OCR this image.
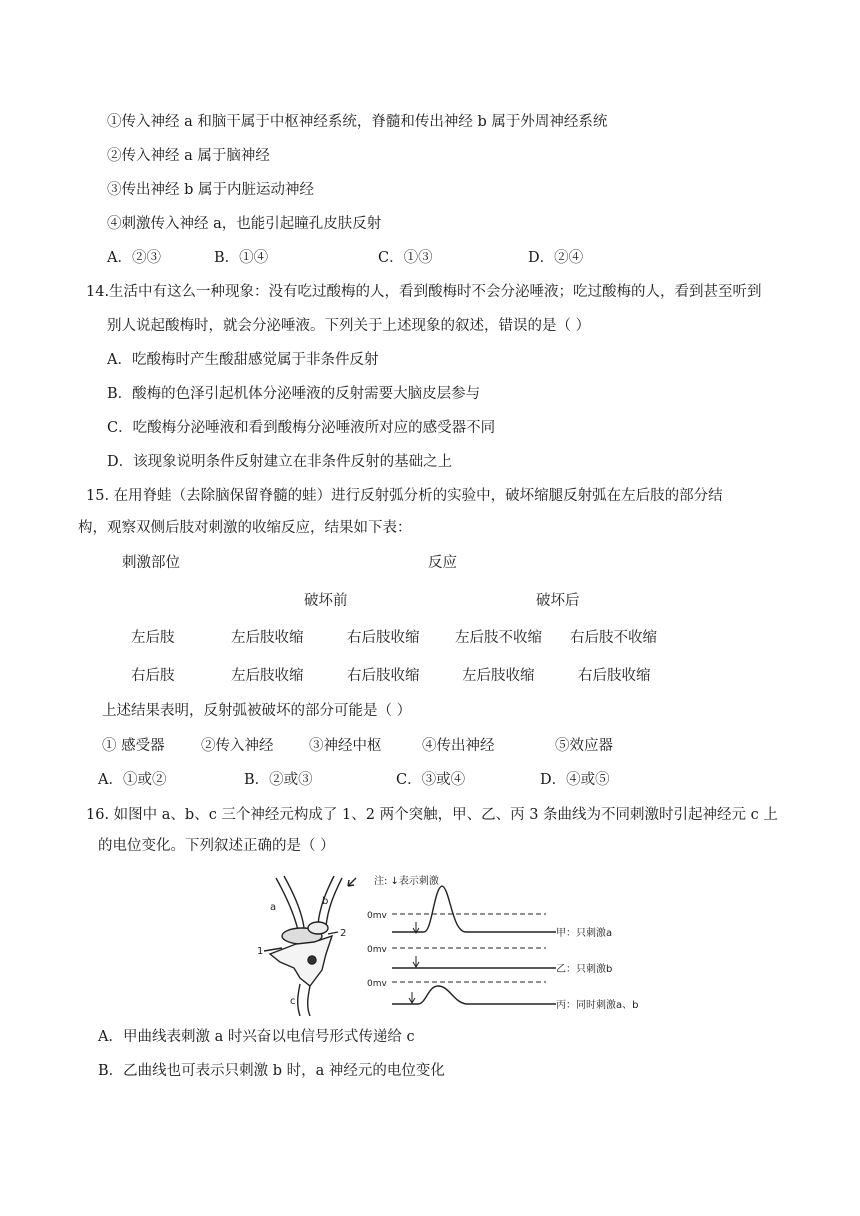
①传入神经 a 和脑干属于中枢神经系统，脊髓和传出神经 b 属于外周神经系统
②传入神经 a 属于脑神经
③传出神经 b 属于内脏运动神经
④刺激传入神经 a，也能引起瞳孔皮肤反射
A．②③	B．①④	C．①③	D．②④
14.生活中有这么一种现象：没有吃过酸梅的人，看到酸梅时不会分泌唾液；吃过酸梅的人，看到甚至听到
别人说起酸梅时，就会分泌唾液。下列关于上述现象的叙述，错误的是（ ）
A．吃酸梅时产生酸甜感觉属于非条件反射
B．酸梅的色泽引起机体分泌唾液的反射需要大脑皮层参与
C．吃酸梅分泌唾液和看到酸梅分泌唾液所对应的感受器不同
D．该现象说明条件反射建立在非条件反射的基础之上
15. 在用脊蛙（去除脑保留脊髓的蛙）进行反射弧分析的实验中，破坏缩腿反射弧在左后肢的部分结
构，观察双侧后肢对刺激的收缩反应，结果如下表：
刺激部位	反应
破坏前	破坏后
左后肢	左后肢收缩	右后肢收缩 左后肢不收缩 右后肢不收缩
右后肢	左后肢收缩	右后肢收缩	左后肢收缩	右后肢收缩
上述结果表明，反射弧被破坏的部分可能是（ ）
① 感受器	②传入神经 ③神经中枢	④传出神经	⑤效应器
A．①或②	B．②或③	C．③或④	D．④或⑤
16. 如图中 a、b、c 三个神经元构成了 1、2 两个突触，甲、乙、丙 3 条曲线为不同刺激时引起神经元 c 上
的电位变化。下列叙述正确的是（ ）
a
b
c
1
2
注: ↓表示刺激
0mv
甲：只刺激a
0mv
乙：只刺激b
0mv
丙：同时刺激a、b
A．甲曲线表刺激 a 时兴奋以电信号形式传递给 c
B．乙曲线也可表示只刺激 b 时，a 神经元的电位变化
